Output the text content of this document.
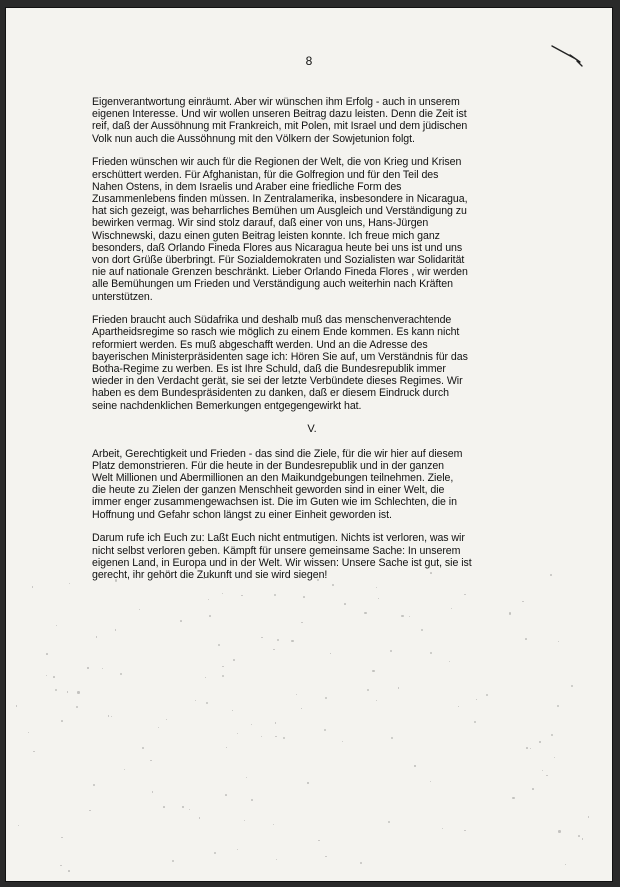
8

Eigenverantwortung einräumt. Aber wir wünschen ihm Erfolg - auch in unserem
eigenen Interesse. Und wir wollen unseren Beitrag dazu leisten. Denn die Zeit ist
reif, daß der Aussöhnung mit Frankreich, mit Polen, mit Israel und dem jüdischen
Volk nun auch die Aussöhnung mit den Völkern der Sowjetunion folgt.

Frieden wünschen wir auch für die Regionen der Welt, die von Krieg und Krisen
erschüttert werden. Für Afghanistan, für die Golfregion und für den Teil des
Nahen Ostens, in dem Israelis und Araber eine friedliche Form des
Zusammenlebens finden müssen. In Zentralamerika, insbesondere in Nicaragua,
hat sich gezeigt, was beharrliches Bemühen um Ausgleich und Verständigung zu
bewirken vermag. Wir sind stolz darauf, daß einer von uns, Hans-Jürgen
Wischnewski, dazu einen guten Beitrag leisten konnte. Ich freue mich ganz
besonders, daß Orlando Fineda Flores aus Nicaragua heute bei uns ist und uns
von dort Grüße überbringt. Für Sozialdemokraten und Sozialisten war Solidarität
nie auf nationale Grenzen beschränkt. Lieber Orlando Fineda Flores , wir werden
alle Bemühungen um Frieden und Verständigung auch weiterhin nach Kräften
unterstützen.

Frieden braucht auch Südafrika und deshalb muß das menschenverachtende
Apartheidsregime so rasch wie möglich zu einem Ende kommen. Es kann nicht
reformiert werden. Es muß abgeschafft werden. Und an die Adresse des
bayerischen Ministerpräsidenten sage ich: Hören Sie auf, um Verständnis für das
Botha-Regime zu werben. Es ist Ihre Schuld, daß die Bundesrepublik immer
wieder in den Verdacht gerät, sie sei der letzte Verbündete dieses Regimes. Wir
haben es dem Bundespräsidenten zu danken, daß er diesem Eindruck durch
seine nachdenklichen Bemerkungen entgegengewirkt hat.

V.

Arbeit, Gerechtigkeit und Frieden - das sind die Ziele, für die wir hier auf diesem
Platz demonstrieren. Für die heute in der Bundesrepublik und in der ganzen
Welt Millionen und Abermillionen an den Maikundgebungen teilnehmen. Ziele,
die heute zu Zielen der ganzen Menschheit geworden sind in einer Welt, die
immer enger zusammengewachsen ist. Die im Guten wie im Schlechten, die in
Hoffnung und Gefahr schon längst zu einer Einheit geworden ist.

Darum rufe ich Euch zu: Laßt Euch nicht entmutigen. Nichts ist verloren, was wir
nicht selbst verloren geben. Kämpft für unsere gemeinsame Sache: In unserem
eigenen Land, in Europa und in der Welt. Wir wissen: Unsere Sache ist gut, sie ist
gerecht, ihr gehört die Zukunft und sie wird siegen!
